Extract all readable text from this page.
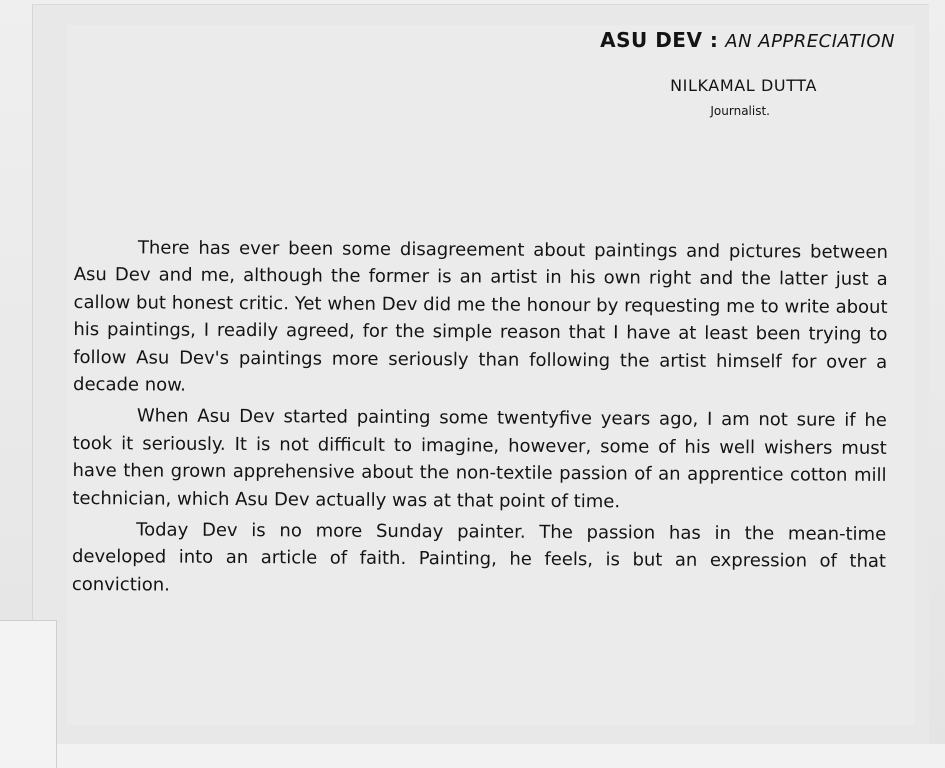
ASU DEV : AN APPRECIATION
NILKAMAL DUTTA
Journalist.

There has ever been some disagreement about paintings and pictures between Asu Dev and me, although the former is an artist in his own right and the latter just a callow but honest critic. Yet when Dev did me the honour by requesting me to write about his paintings, I readily agreed, for the simple reason that I have at least been trying to follow Asu Dev's paintings more seriously than following the artist himself for over a decade now.

When Asu Dev started painting some twentyfive years ago, I am not sure if he took it seriously. It is not difficult to imagine, however, some of his well wishers must have then grown apprehensive about the non-textile passion of an apprentice cotton mill technician, which Asu Dev actually was at that point of time.

Today Dev is no more Sunday painter. The passion has in the mean-time developed into an article of faith. Painting, he feels, is but an expression of that conviction.
